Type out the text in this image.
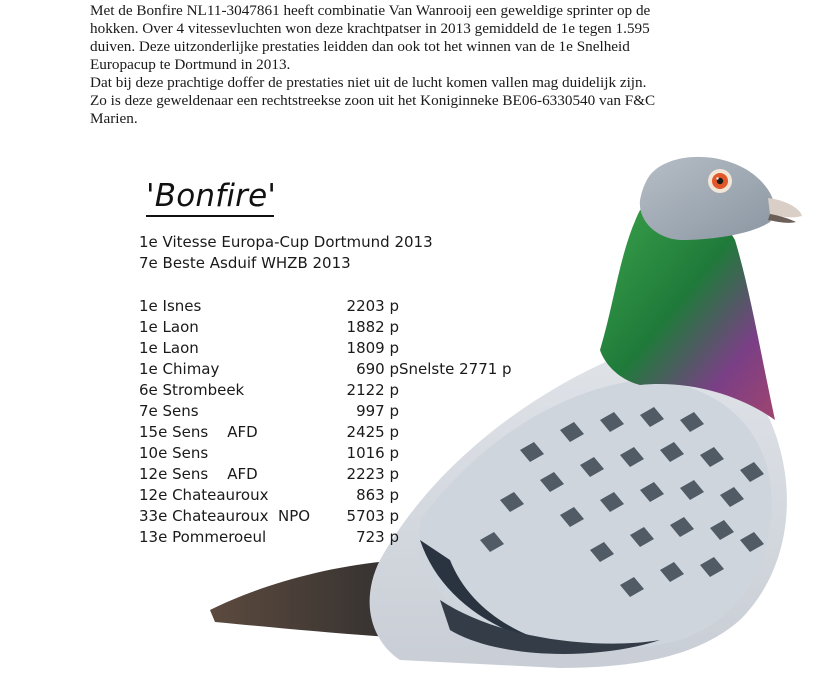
Met de Bonfire NL11-3047861 heeft combinatie Van Wanrooij een geweldige sprinter op de

hokken. Over 4 vitessevluchten won deze krachtpatser in 2013 gemiddeld de 1e tegen 1.595

duiven. Deze uitzonderlijke prestaties leidden dan ook tot het winnen van de 1e Snelheid

Europacup te Dortmund in 2013.

Dat bij deze prachtige doffer de prestaties niet uit de lucht komen vallen mag duidelijk zijn.

Zo is deze geweldenaar een rechtstreekse zoon uit het Koniginneke BE06-6330540 van F&C

Marien.

'Bonfire'
1e Vitesse Europa-Cup Dortmund 2013
7e Beste Asduif WHZB 2013
1e Isnes	2203 p
1e Laon	1882 p
1e Laon	1809 p
1e Chimay	690 p Snelste 2771 p
6e Strombeek	2122 p
7e Sens	997 p
15e Sens    AFD	2425 p
10e Sens	1016 p
12e Sens    AFD	2223 p
12e Chateauroux	863 p
33e Chateauroux  NPO 5703 p
13e Pommeroeul	723 p
